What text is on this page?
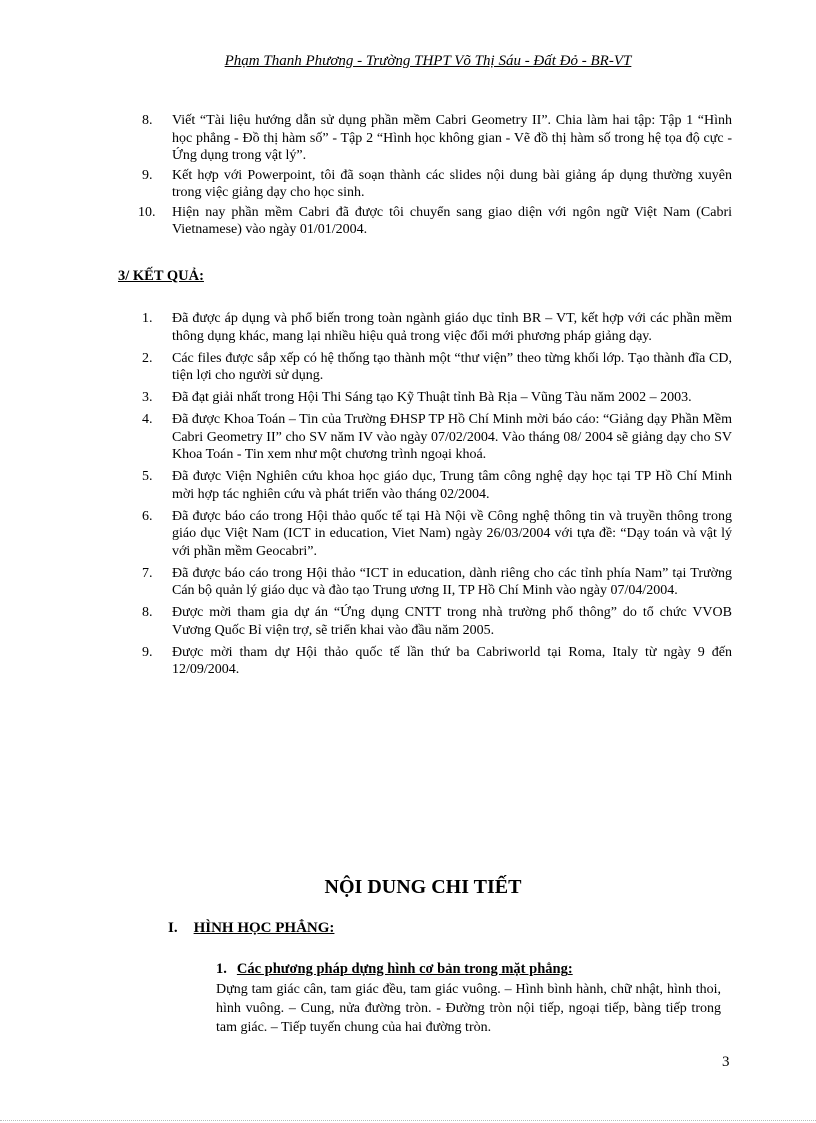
Phạm Thanh Phương - Trường THPT Võ Thị Sáu - Đất Đỏ - BR-VT
8. Viết “Tài liệu hướng dẫn sử dụng phần mềm Cabri Geometry II”. Chia làm hai tập: Tập 1 “Hình học phẳng - Đồ thị hàm số” - Tập 2 “Hình học không gian - Vẽ đồ thị hàm số trong hệ tọa độ cực - Ứng dụng trong vật lý”.
9. Kết hợp với Powerpoint, tôi đã soạn thành các slides nội dung bài giảng áp dụng thường xuyên trong việc giảng dạy cho học sinh.
10. Hiện nay phần mềm Cabri đã được tôi chuyển sang giao diện với ngôn ngữ Việt Nam (Cabri Vietnamese) vào ngày 01/01/2004.
3/ KẾT QUẢ:
1. Đã được áp dụng và phổ biến trong toàn ngành giáo dục tỉnh BR – VT, kết hợp với các phần mềm thông dụng khác, mang lại nhiều hiệu quả trong việc đổi mới phương pháp giảng dạy.
2. Các files được sắp xếp có hệ thống tạo thành một “thư viện” theo từng khối lớp. Tạo thành đĩa CD, tiện lợi cho người sử dụng.
3. Đã đạt giải nhất trong Hội Thi Sáng tạo Kỹ Thuật tỉnh Bà Rịa – Vũng Tàu năm 2002 – 2003.
4. Đã được Khoa Toán – Tin của Trường ĐHSP TP Hồ Chí Minh mời báo cáo: “Giảng dạy Phần Mềm Cabri Geometry II” cho SV năm IV vào ngày 07/02/2004. Vào tháng 08/ 2004 sẽ giảng dạy cho SV Khoa Toán - Tin xem như một chương trình ngoại khoá.
5. Đã được Viện Nghiên cứu khoa học giáo dục, Trung tâm công nghệ dạy học tại TP Hồ Chí Minh mời hợp tác nghiên cứu và phát triển vào tháng 02/2004.
6. Đã được báo cáo trong Hội thảo quốc tế tại Hà Nội về Công nghệ thông tin và truyền thông trong giáo dục Việt Nam (ICT in education, Viet Nam) ngày 26/03/2004 với tựa đề: “Dạy toán và vật lý với phần mềm Geocabri”.
7. Đã được báo cáo trong Hội thảo “ICT in education, dành riêng cho các tỉnh phía Nam” tại Trường Cán bộ quản lý giáo dục và đào tạo Trung ương II, TP Hồ Chí Minh vào ngày 07/04/2004.
8. Được mời tham gia dự án “Ứng dụng CNTT trong nhà trường phổ thông” do tổ chức VVOB Vương Quốc Bỉ viện trợ, sẽ triển khai vào đầu năm 2005.
9. Được mời tham dự Hội thảo quốc tế lần thứ ba Cabriworld tại Roma, Italy từ ngày 9 đến 12/09/2004.
NỘI DUNG CHI TIẾT
I. HÌNH HỌC PHẲNG:
1. Các phương pháp dựng hình cơ bản trong mặt phẳng:
Dựng tam giác cân, tam giác đều, tam giác vuông. – Hình bình hành, chữ nhật, hình thoi, hình vuông. – Cung, nửa đường tròn. - Đường tròn nội tiếp, ngoại tiếp, bàng tiếp trong tam giác. – Tiếp tuyến chung của hai đường tròn.
3
